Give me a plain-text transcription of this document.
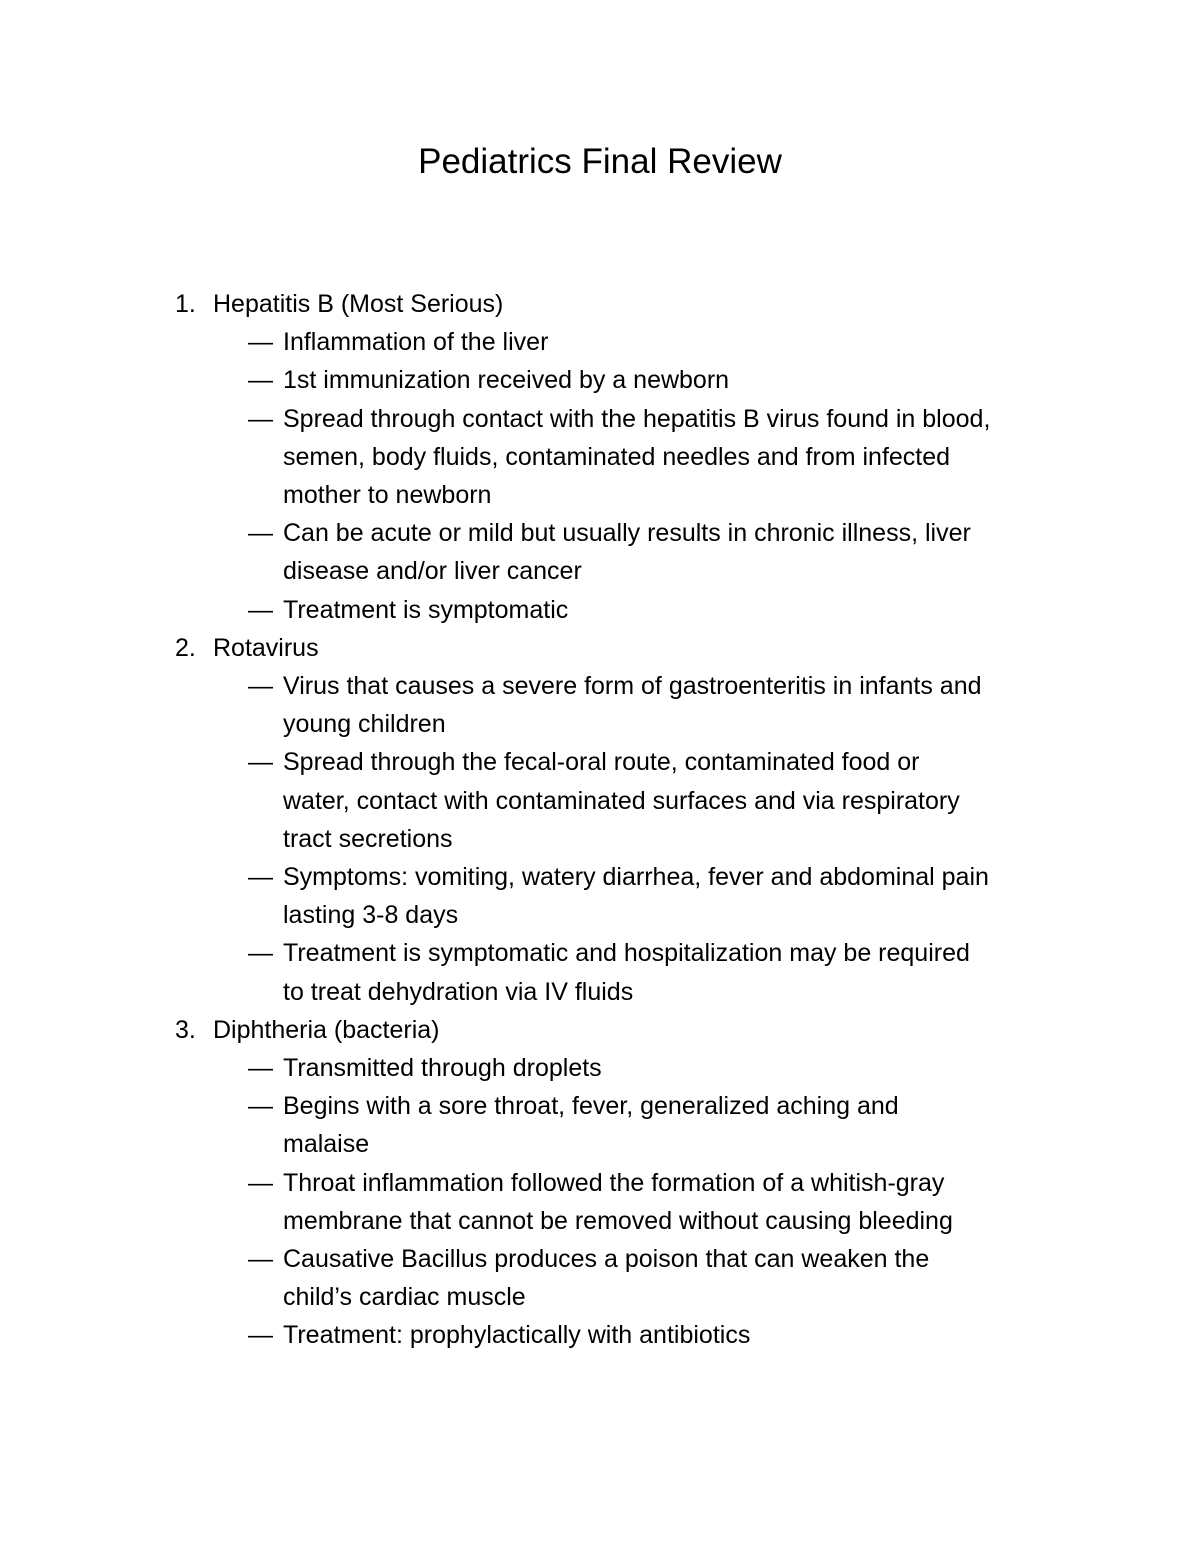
Pediatrics Final Review
1. Hepatitis B (Most Serious)
— Inflammation of the liver
— 1st immunization received by a newborn
— Spread through contact with the hepatitis B virus found in blood,
semen, body fluids, contaminated needles and from infected
mother to newborn
— Can be acute or mild but usually results in chronic illness, liver
disease and/or liver cancer
— Treatment is symptomatic
2. Rotavirus
— Virus that causes a severe form of gastroenteritis in infants and
young children
— Spread through the fecal-oral route, contaminated food or
water, contact with contaminated surfaces and via respiratory
tract secretions
— Symptoms: vomiting, watery diarrhea, fever and abdominal pain
lasting 3-8 days
— Treatment is symptomatic and hospitalization may be required
to treat dehydration via IV fluids
3. Diphtheria (bacteria)
— Transmitted through droplets
— Begins with a sore throat, fever, generalized aching and
malaise
— Throat inflammation followed the formation of a whitish-gray
membrane that cannot be removed without causing bleeding
— Causative Bacillus produces a poison that can weaken the
child’s cardiac muscle
— Treatment: prophylactically with antibiotics
